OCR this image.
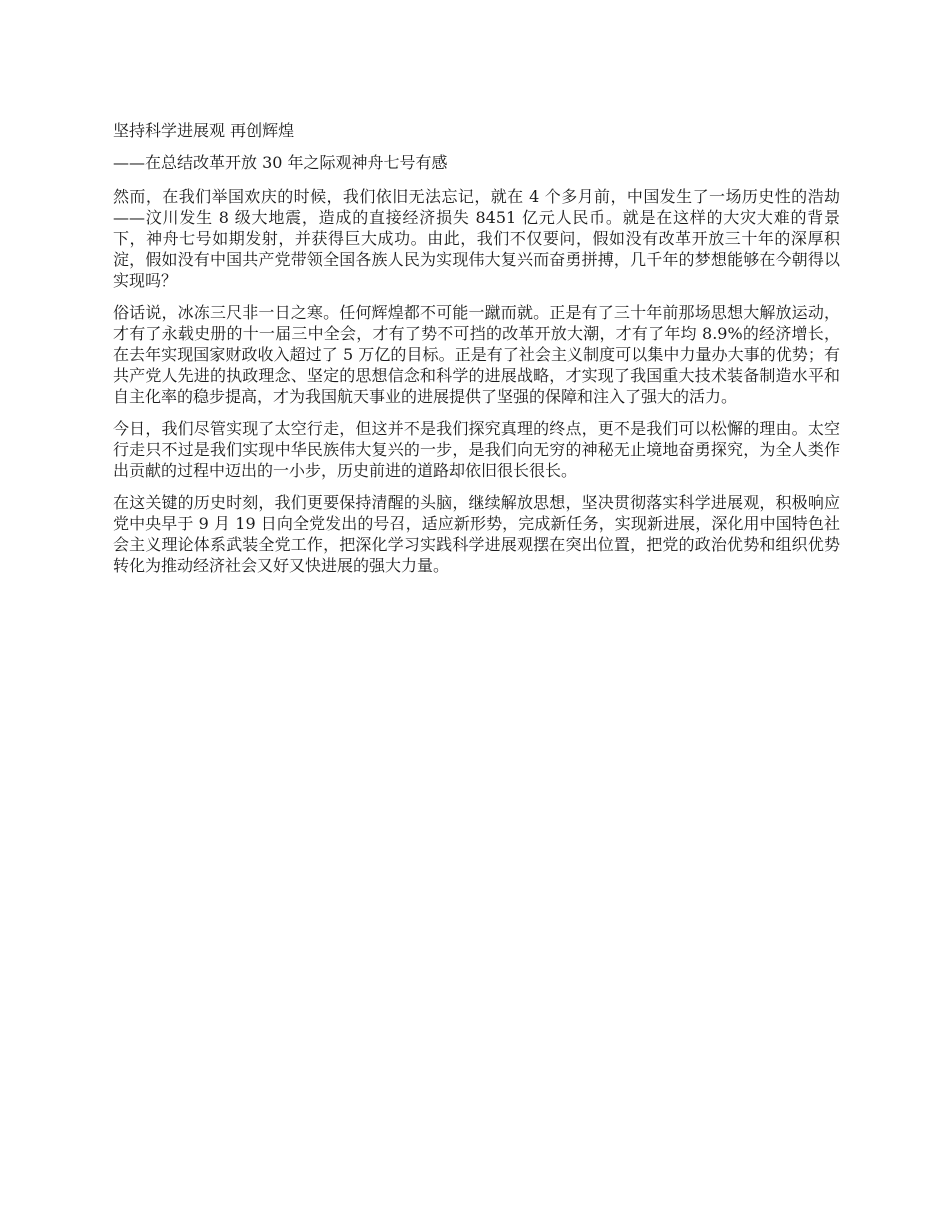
坚持科学进展观 再创辉煌
——在总结改革开放 30 年之际观神舟七号有感

然而，在我们举国欢庆的时候，我们依旧无法忘记，就在 4 个多月前，中国发生了一场历史性的浩劫——汶川发生 8 级大地震，造成的直接经济损失 8451 亿元人民币。就是在这样的大灾大难的背景下，神舟七号如期发射，并获得巨大成功。由此，我们不仅要问，假如没有改革开放三十年的深厚积淀，假如没有中国共产党带领全国各族人民为实现伟大复兴而奋勇拼搏，几千年的梦想能够在今朝得以实现吗？

俗话说，冰冻三尺非一日之寒。任何辉煌都不可能一蹴而就。正是有了三十年前那场思想大解放运动，才有了永载史册的十一届三中全会，才有了势不可挡的改革开放大潮，才有了年均 8.9%的经济增长，在去年实现国家财政收入超过了 5 万亿的目标。正是有了社会主义制度可以集中力量办大事的优势；有共产党人先进的执政理念、坚定的思想信念和科学的进展战略，才实现了我国重大技术装备制造水平和自主化率的稳步提高，才为我国航天事业的进展提供了坚强的保障和注入了强大的活力。

今日，我们尽管实现了太空行走，但这并不是我们探究真理的终点，更不是我们可以松懈的理由。太空行走只不过是我们实现中华民族伟大复兴的一步，是我们向无穷的神秘无止境地奋勇探究，为全人类作出贡献的过程中迈出的一小步，历史前进的道路却依旧很长很长。

在这关键的历史时刻，我们更要保持清醒的头脑，继续解放思想，坚决贯彻落实科学进展观，积极响应党中央早于 9 月 19 日向全党发出的号召，适应新形势，完成新任务，实现新进展，深化用中国特色社会主义理论体系武装全党工作，把深化学习实践科学进展观摆在突出位置，把党的政治优势和组织优势转化为推动经济社会又好又快进展的强大力量。
